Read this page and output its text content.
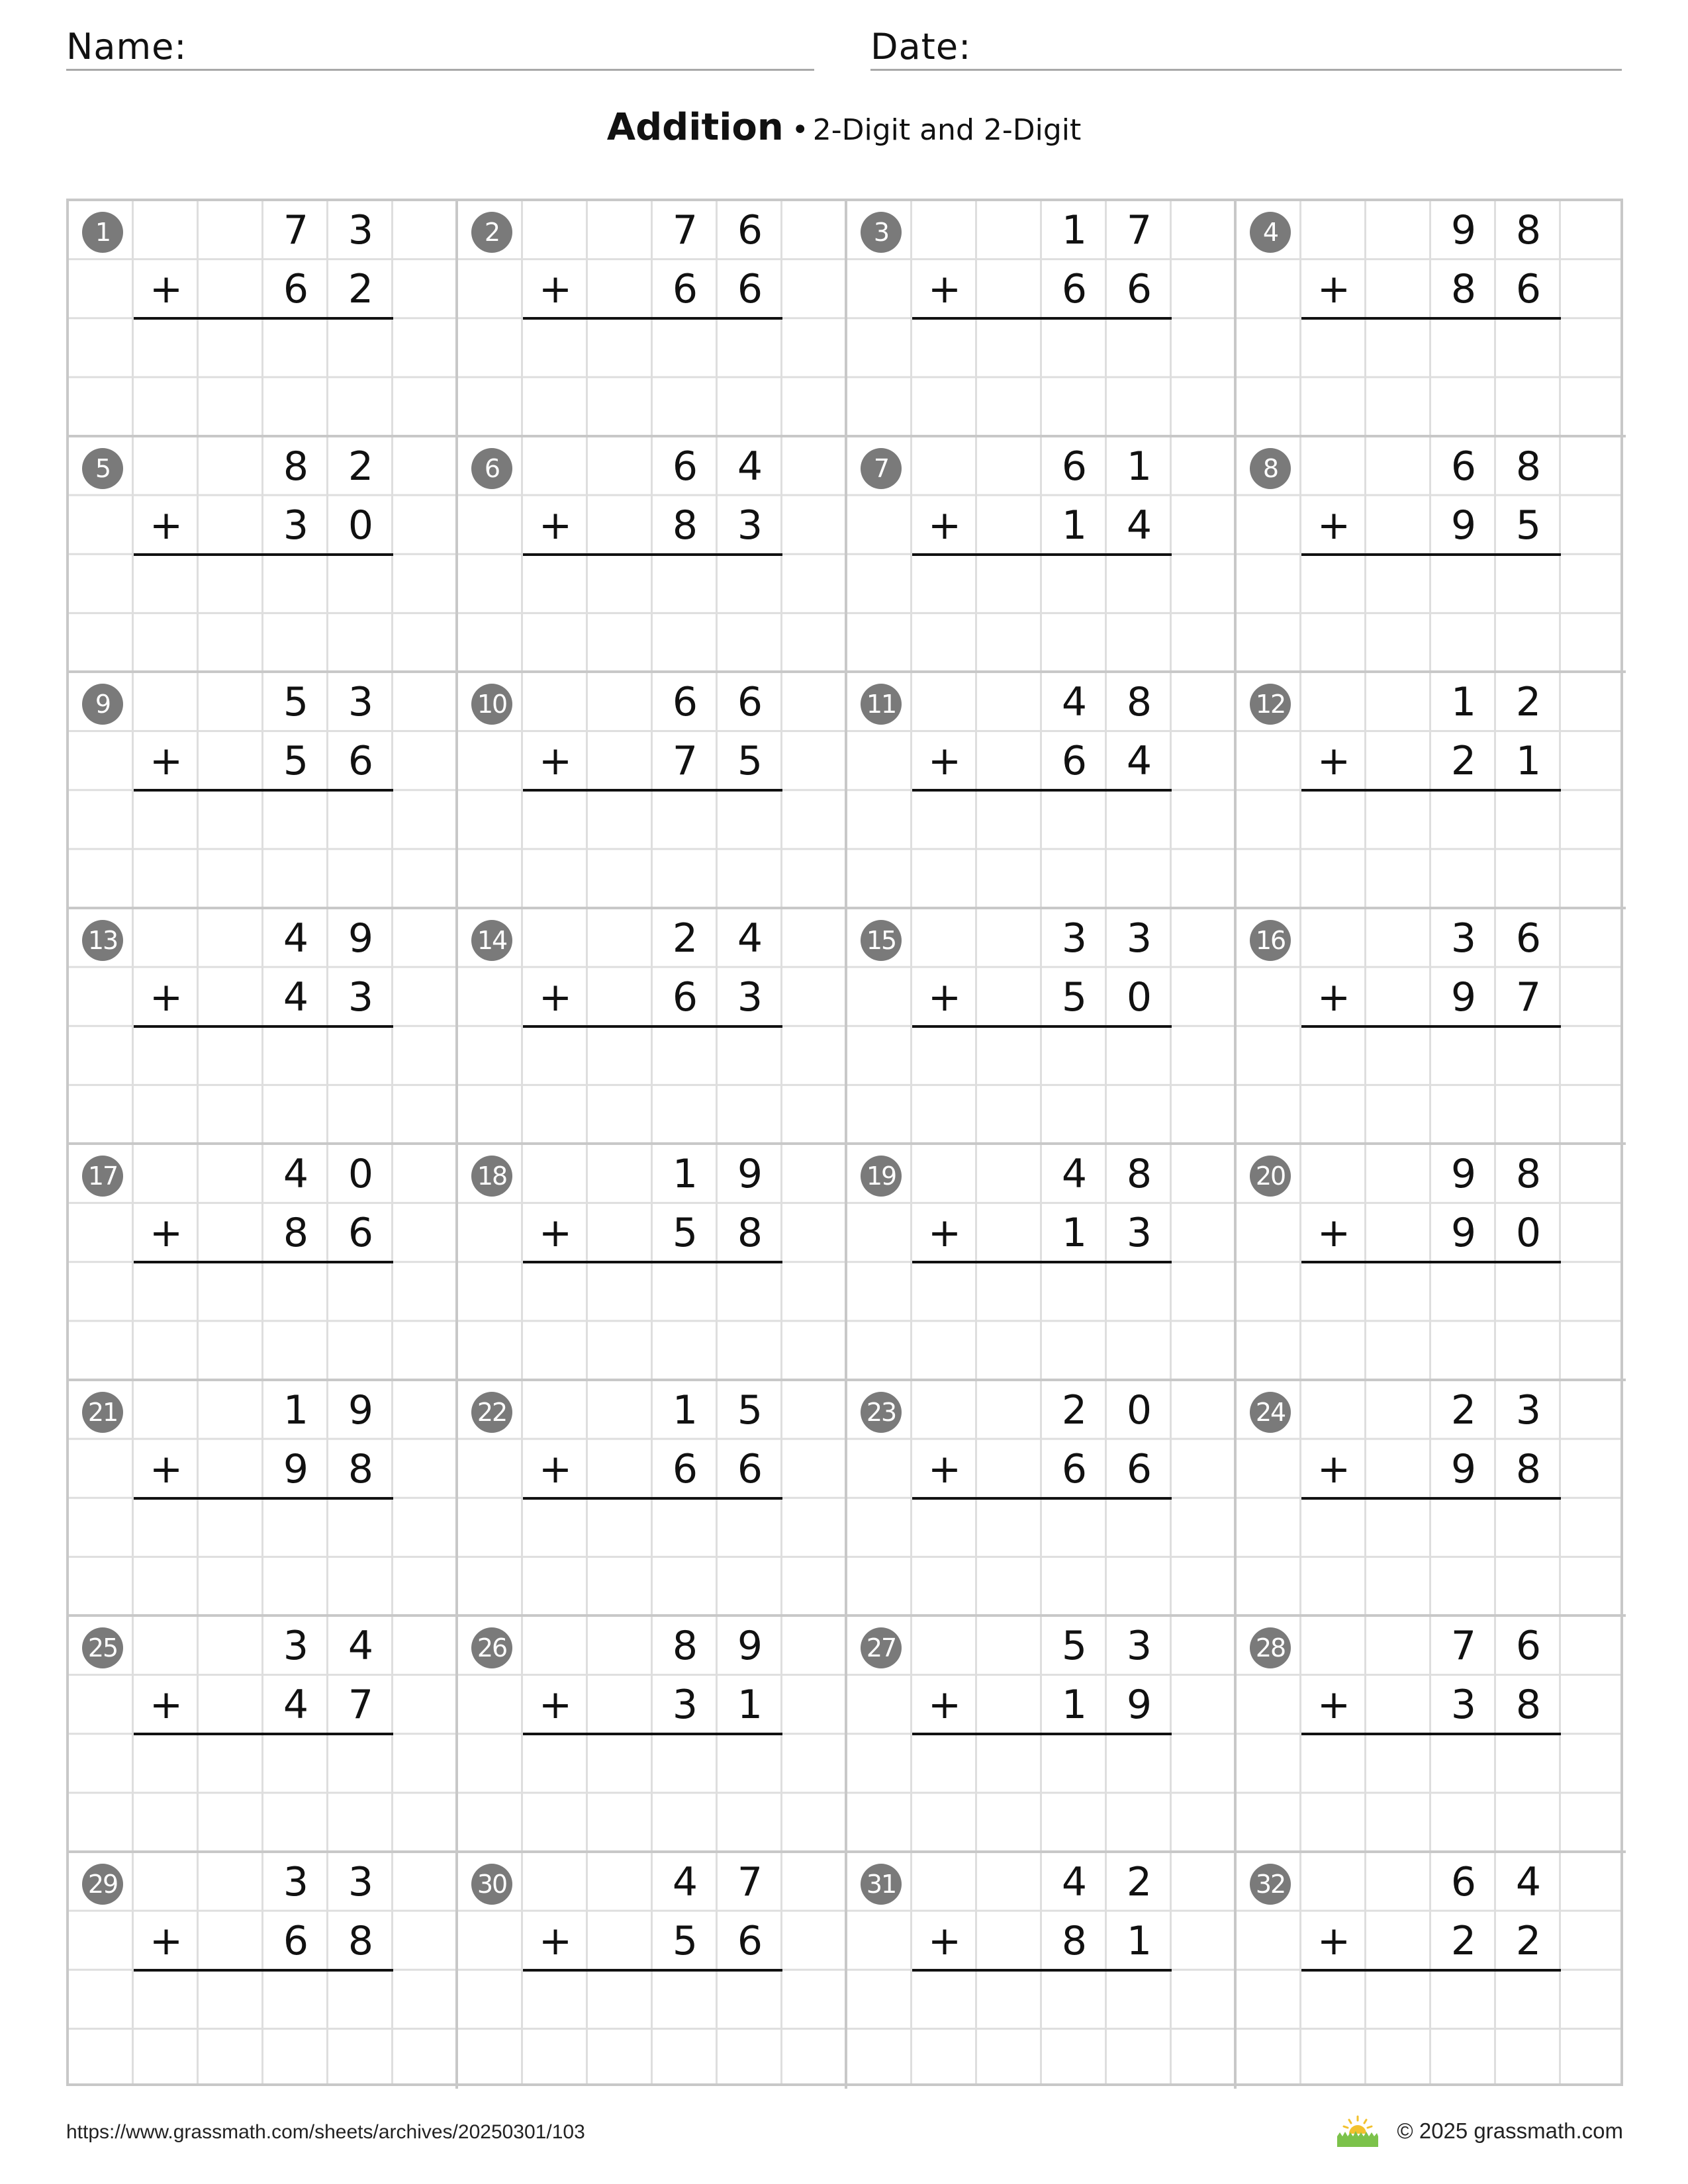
Name:	Date:
Addition • 2-Digit and 2-Digit
1	7 3
6 2
+
2	7 6
6 6
+
3	1 7
6 6
+
4	9 8
8 6
+
5	8 2
3 0
+
6	6 4
8 3
+
7	6 1
1 4
+
8	6 8
9 5
+
9	5 3
5 6
+
10	6 6
7 5
+
11	4 8
6 4
+
12	1 2
2 1
+
13	4 9
4 3
+
14	2 4
6 3
+
15	3 3
5 0
+
16	3 6
9 7
+
17	4 0
8 6
+
18	1 9
5 8
+
19	4 8
1 3
+
20	9 8
9 0
+
21	1 9
9 8
+
22	1 5
6 6
+
23	2 0
6 6
+
24	2 3
9 8
+
25	3 4
4 7
+
26	8 9
3 1
+
27	5 3
1 9
+
28	7 6
3 8
+
29	3 3
6 8
+
30	4 7
5 6
+
31	4 2
8 1
+
32	6 4
2 2
+
https://www.grassmath.com/sheets/archives/20250301/103	© 2025 grassmath.com
